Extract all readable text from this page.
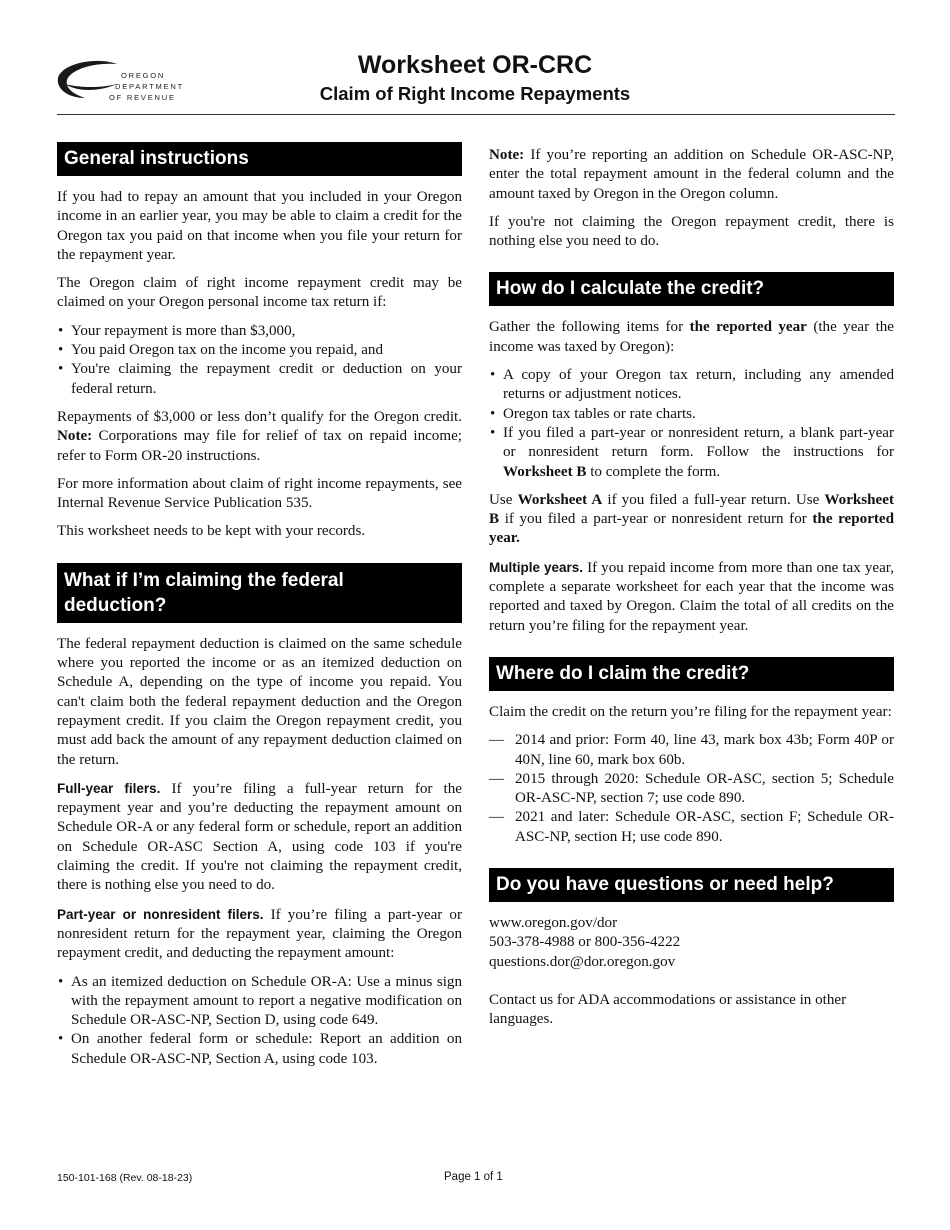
OREGON
DEPARTMENT
OF REVENUE
Worksheet OR-CRC
Claim of Right Income Repayments
General instructions

If you had to repay an amount that you included in your Oregon income in an earlier year, you may be able to claim a credit for the Oregon tax you paid on that income when you file your return for the repayment year.

The Oregon claim of right income repayment credit may be claimed on your Oregon personal income tax return if:

• Your repayment is more than $3,000,
• You paid Oregon tax on the income you repaid, and
• You're claiming the repayment credit or deduction on your federal return.

Repayments of $3,000 or less don’t qualify for the Oregon credit. Note: Corporations may file for relief of tax on repaid income; refer to Form OR-20 instructions.

For more information about claim of right income repayments, see Internal Revenue Service Publication 535.

This worksheet needs to be kept with your records.

What if I’m claiming the federal
deduction?

The federal repayment deduction is claimed on the same schedule where you reported the income or as an itemized deduction on Schedule A, depending on the type of income you repaid. You can't claim both the federal repayment deduction and the Oregon repayment credit. If you claim the Oregon repayment credit, you must add back the amount of any repayment deduction claimed on the return.

Full-year filers. If you’re filing a full-year return for the repayment year and you’re deducting the repayment amount on Schedule OR-A or any federal form or schedule, report an addition on Schedule OR-ASC Section A, using code 103 if you're claiming the credit. If you're not claiming the repayment credit, there is nothing else you need to do.

Part-year or nonresident filers. If you’re filing a part-year or nonresident return for the repayment year, claiming the Oregon repayment credit, and deducting the repayment amount:

• As an itemized deduction on Schedule OR-A: Use a minus sign with the repayment amount to report a negative modification on Schedule OR-ASC-NP, Section D, using code 649.
• On another federal form or schedule: Report an addition on Schedule OR-ASC-NP, Section A, using code 103.

Note: If you’re reporting an addition on Schedule OR-ASC-NP, enter the total repayment amount in the federal column and the amount taxed by Oregon in the Oregon column.

If you're not claiming the Oregon repayment credit, there is nothing else you need to do.

How do I calculate the credit?

Gather the following items for the reported year (the year the income was taxed by Oregon):

• A copy of your Oregon tax return, including any amended returns or adjustment notices.
• Oregon tax tables or rate charts.
• If you filed a part-year or nonresident return, a blank part-year or nonresident return form. Follow the instructions for Worksheet B to complete the form.

Use Worksheet A if you filed a full-year return. Use Worksheet B if you filed a part-year or nonresident return for the reported year.

Multiple years. If you repaid income from more than one tax year, complete a separate worksheet for each year that the income was reported and taxed by Oregon. Claim the total of all credits on the return you’re filing for the repayment year.

Where do I claim the credit?

Claim the credit on the return you’re filing for the repayment year:

— 2014 and prior: Form 40, line 43, mark box 43b; Form 40P or 40N, line 60, mark box 60b.
— 2015 through 2020: Schedule OR-ASC, section 5; Schedule OR-ASC-NP, section 7; use code 890.
— 2021 and later: Schedule OR-ASC, section F; Schedule OR-ASC-NP, section H; use code 890.
Do you have questions or need help?

www.oregon.gov/dor

503-378-4988 or 800-356-4222

questions.dor@dor.oregon.gov

Contact us for ADA accommodations or assistance in other languages.

150-101-168 (Rev. 08-18-23)	Page 1 of 1
